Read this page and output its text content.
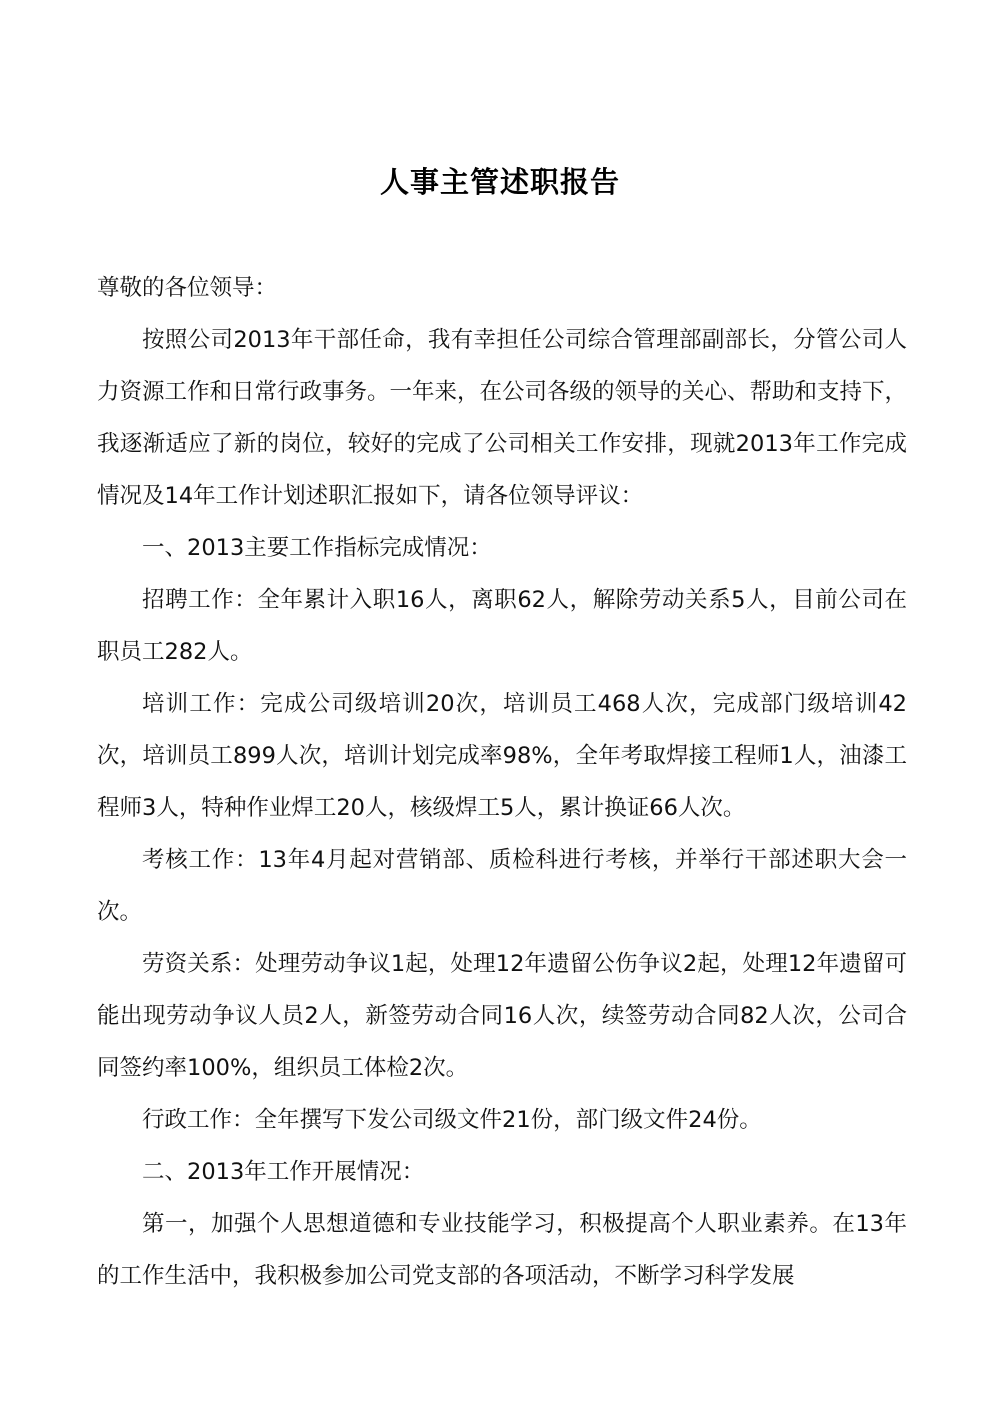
人事主管述职报告

尊敬的各位领导：

按照公司2013年干部任命，我有幸担任公司综合管理部副部长，分管公司人力资源工作和日常行政事务。一年来，在公司各级的领导的关心、帮助和支持下，我逐渐适应了新的岗位，较好的完成了公司相关工作安排，现就2013年工作完成情况及14年工作计划述职汇报如下，请各位领导评议：

一、2013主要工作指标完成情况：

招聘工作：全年累计入职16人，离职62人，解除劳动关系5人，目前公司在职员工282人。

培训工作：完成公司级培训20次，培训员工468人次，完成部门级培训42次，培训员工899人次，培训计划完成率98%，全年考取焊接工程师1人，油漆工程师3人，特种作业焊工20人，核级焊工5人，累计换证66人次。

考核工作：13年4月起对营销部、质检科进行考核，并举行干部述职大会一次。

劳资关系：处理劳动争议1起，处理12年遗留公伤争议2起，处理12年遗留可能出现劳动争议人员2人，新签劳动合同16人次，续签劳动合同82人次，公司合同签约率100%，组织员工体检2次。

行政工作：全年撰写下发公司级文件21份，部门级文件24份。

二、2013年工作开展情况：

第一，加强个人思想道德和专业技能学习，积极提高个人职业素养。在13年的工作生活中，我积极参加公司党支部的各项活动，不断学习科学发展
